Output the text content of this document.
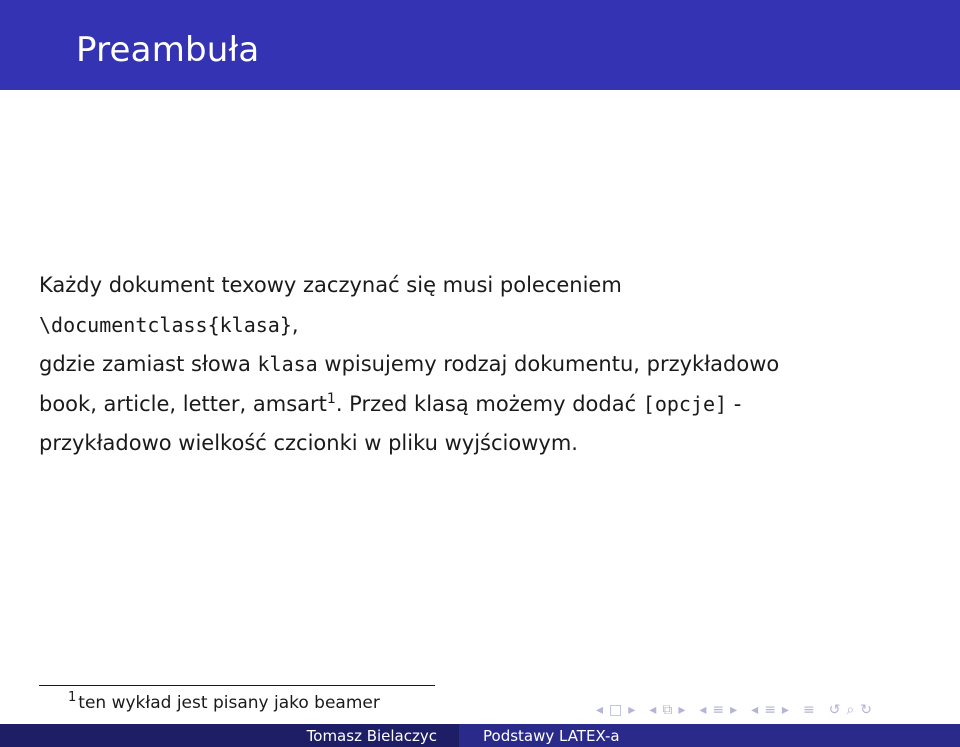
Preambuła
Każdy dokument texowy zaczynać się musi poleceniem
\documentclass{klasa},
gdzie zamiast słowa klasa wpisujemy rodzaj dokumentu, przykładowo
book, article, letter, amsart$^1$. Przed klasą możemy dodać [opcje] -
przykładowo wielkość czcionki w pliku wyjściowym.
$^1$ ten wykład jest pisany jako beamer	◂ □ ▸ ◂ ⧉ ▸ ◂ ≡ ▸ ◂ ≡ ▸ ≡ ↺ ⌕ ↻
Tomasz Bielaczyc	Podstawy LATEX-a
